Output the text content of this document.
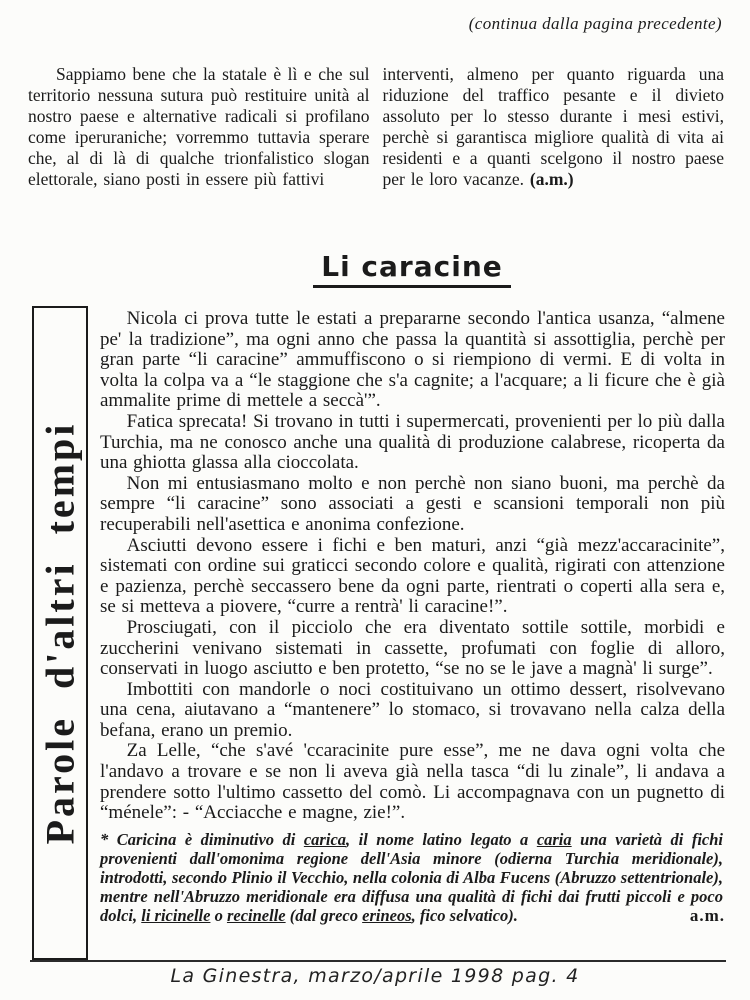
(continua dalla pagina precedente)

Sappiamo bene che la statale è lì e che sul territorio nessuna sutura può restituire unità al nostro paese e alternative radicali si profilano come iperuraniche; vorremmo tuttavia sperare che, al di là di qualche trionfalistico slogan elettorale, siano posti in essere più fattivi

interventi, almeno per quanto riguarda una riduzione del traffico pesante e il divieto assoluto per lo stesso durante i mesi estivi, perchè si garantisca migliore qualità di vita ai residenti e a quanti scelgono il nostro paese per le loro vacanze. (a.m.)

Li caracine
Parole d'altri tempi

Nicola ci prova tutte le estati a prepararne secondo l'antica usanza, “almene pe' la tradizione”, ma ogni anno che passa la quantità si assottiglia, perchè per gran parte “li caracine” ammuffiscono o si riempiono di vermi. E di volta in volta la colpa va a “le staggione che s'a cagnite; a l'acquare; a li ficure che è già ammalite prime di mettele a seccà'”.

Fatica sprecata! Si trovano in tutti i supermercati, provenienti per lo più dalla Turchia, ma ne conosco anche una qualità di produzione calabrese, ricoperta da una ghiotta glassa alla cioccolata.

Non mi entusiasmano molto e non perchè non siano buoni, ma perchè da sempre “li caracine” sono associati a gesti e scansioni temporali non più recuperabili nell'asettica e anonima confezione.

Asciutti devono essere i fichi e ben maturi, anzi “già mezz'accaracinite”, sistemati con ordine sui graticci secondo colore e qualità, rigirati con attenzione e pazienza, perchè seccassero bene da ogni parte, rientrati o coperti alla sera e, se si metteva a piovere, “curre a rentrà' li caracine!”.

Prosciugati, con il picciolo che era diventato sottile sottile, morbidi e zuccherini venivano sistemati in cassette, profumati con foglie di alloro, conservati in luogo asciutto e ben protetto, “se no se le jave a magnà' li surge”.

Imbottiti con mandorle o noci costituivano un ottimo dessert, risolvevano una cena, aiutavano a “mantenere” lo stomaco, si trovavano nella calza della befana, erano un premio.

Za Lelle, “che s'avé 'ccaracinite pure esse”, me ne dava ogni volta che l'andavo a trovare e se non li aveva già nella tasca “di lu zinale”, li andava a prendere sotto l'ultimo cassetto del comò. Li accompagnava con un pugnetto di “ménele”: - “Acciacche e magne, zie!”.

* Caricina è diminutivo di carica, il nome latino legato a caria una varietà di fichi provenienti dall'omonima regione dell'Asia minore (odierna Turchia meridionale), introdotti, secondo Plinio il Vecchio, nella colonia di Alba Fucens (Abruzzo settentrionale), mentre nell'Abruzzo meridionale era diffusa una qualità di fichi dai frutti piccoli e poco dolci, li ricinelle o recinelle (dal greco erineos, fico selvatico).	a.m.
La Ginestra, marzo/aprile 1998 pag. 4
